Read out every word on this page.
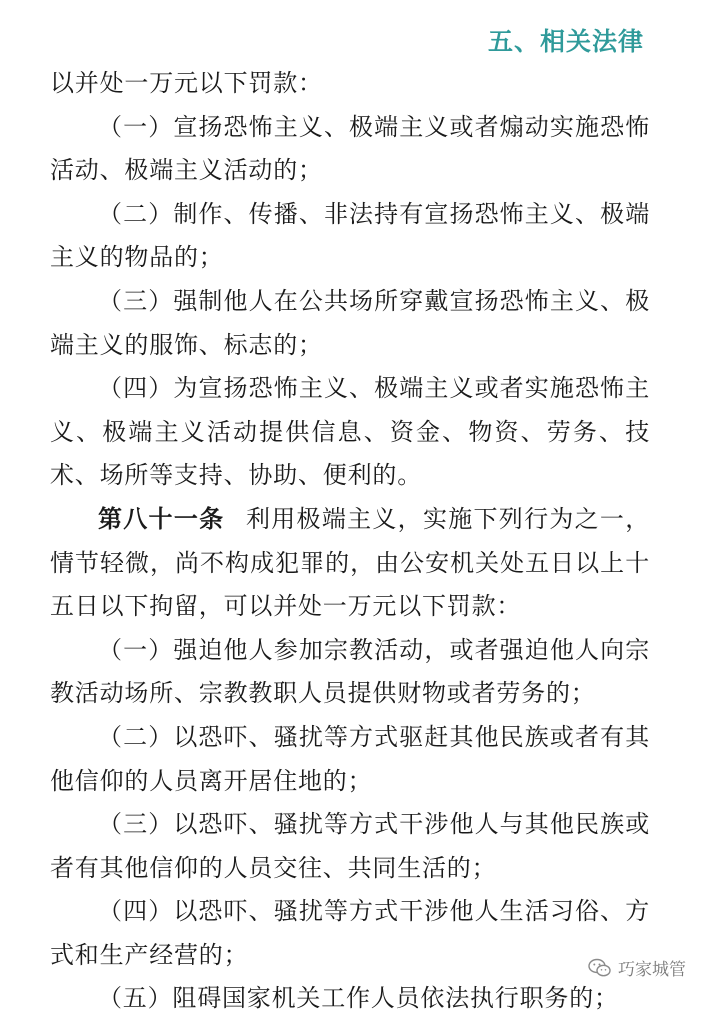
五、相关法律

以并处一万元以下罚款：

（一）宣扬恐怖主义、极端主义或者煽动实施恐怖活动、极端主义活动的；

（二）制作、传播、非法持有宣扬恐怖主义、极端主义的物品的；

（三）强制他人在公共场所穿戴宣扬恐怖主义、极端主义的服饰、标志的；

（四）为宣扬恐怖主义、极端主义或者实施恐怖主义、极端主义活动提供信息、资金、物资、劳务、技术、场所等支持、协助、便利的。

第八十一条 利用极端主义，实施下列行为之一，情节轻微，尚不构成犯罪的，由公安机关处五日以上十五日以下拘留，可以并处一万元以下罚款：

（一）强迫他人参加宗教活动，或者强迫他人向宗教活动场所、宗教教职人员提供财物或者劳务的；

（二）以恐吓、骚扰等方式驱赶其他民族或者有其他信仰的人员离开居住地的；

（三）以恐吓、骚扰等方式干涉他人与其他民族或者有其他信仰的人员交往、共同生活的；

（四）以恐吓、骚扰等方式干涉他人生活习俗、方式和生产经营的；

（五）阻碍国家机关工作人员依法执行职务的；

巧家城管
